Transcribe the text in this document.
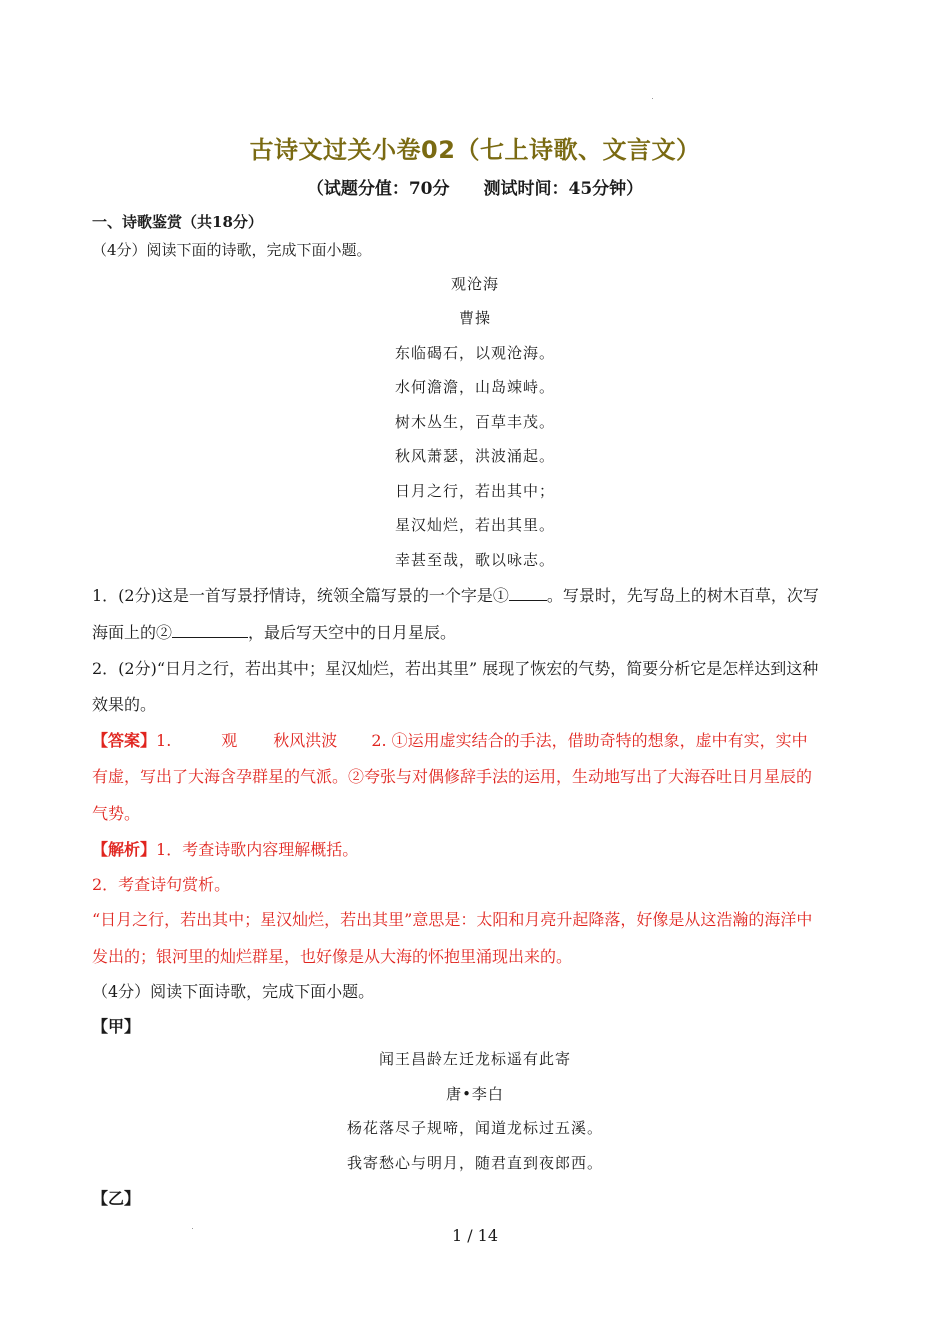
古诗文过关小卷02（七上诗歌、文言文）
（试题分值：70分　　测试时间：45分钟）
一、诗歌鉴赏（共18分）
（4分）阅读下面的诗歌，完成下面小题。
观沧海
曹操
东临碣石，以观沧海。
水何澹澹，山岛竦峙。
树木丛生，百草丰茂。
秋风萧瑟，洪波涌起。
日月之行，若出其中；
星汉灿烂，若出其里。
幸甚至哉，歌以咏志。
1．(2分)这是一首写景抒情诗，统领全篇写景的一个字是① 。写景时，先写岛上的树木百草，次写
海面上的②	，最后写天空中的日月星辰。
2．(2分)“日月之行，若出其中；星汉灿烂，若出其里” 展现了恢宏的气势，简要分析它是怎样达到这种
效果的。
【答案】1.	观 秋风洪波 2. ①运用虚实结合的手法，借助奇特的想象，虚中有实，实中
有虚，写出了大海含孕群星的气派。②夸张与对偶修辞手法的运用，生动地写出了大海吞吐日月星辰的
气势。
【解析】1．考查诗歌内容理解概括。
2．考查诗句赏析。
“日月之行，若出其中；星汉灿烂，若出其里”意思是：太阳和月亮升起降落，好像是从这浩瀚的海洋中
发出的；银河里的灿烂群星，也好像是从大海的怀抱里涌现出来的。
（4分）阅读下面诗歌，完成下面小题。
【甲】
闻王昌龄左迁龙标遥有此寄
唐•李白
杨花落尽子规啼，闻道龙标过五溪。
我寄愁心与明月，随君直到夜郎西。
【乙】
1 / 14
